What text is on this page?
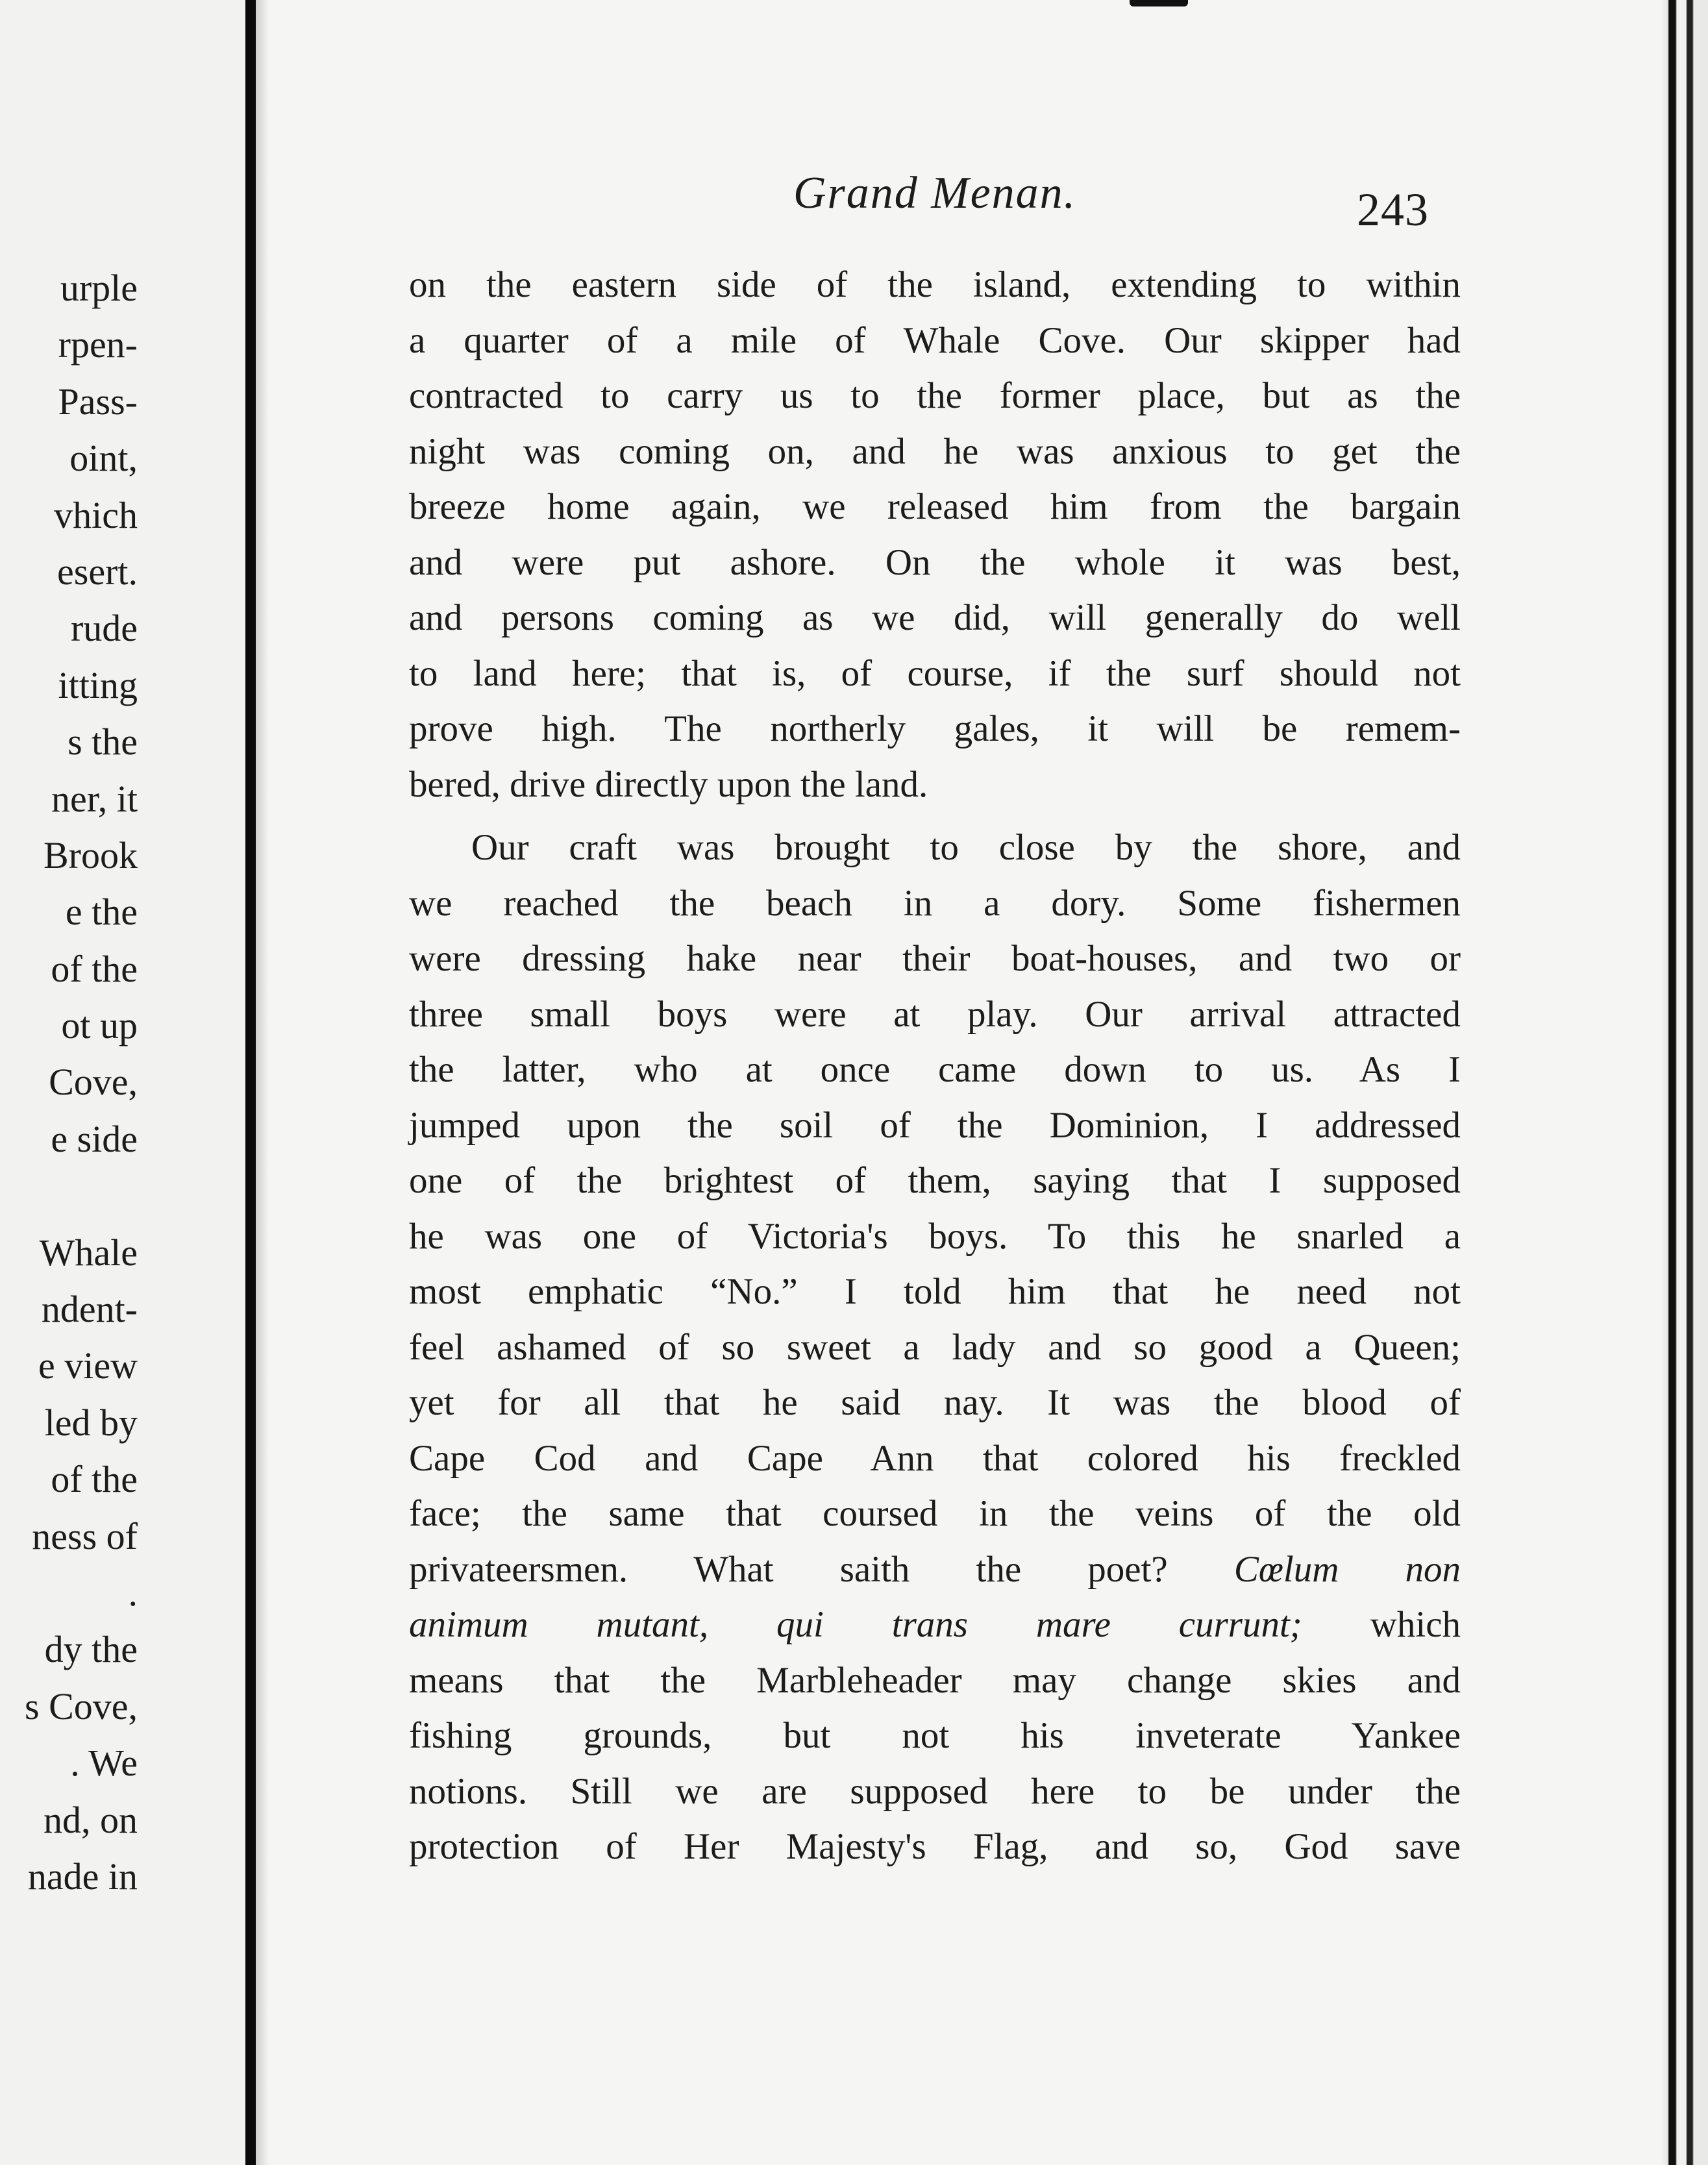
urple
rpen-
Pass-
oint,
vhich
esert.
rude
itting
s the
ner, it
Brook
e the
of the
ot up
Cove,
e side
Whale
ndent-
e view
led by
of the
ness of
.
dy the
s Cove,
. We
nd, on
nade in
Grand Menan.	243
on the eastern side of the island, extending to within
a quarter of a mile of Whale Cove. Our skipper had
contracted to carry us to the former place, but as the
night was coming on, and he was anxious to get the
breeze home again, we released him from the bargain
and were put ashore. On the whole it was best,
and persons coming as we did, will generally do well
to land here; that is, of course, if the surf should not
prove high. The northerly gales, it will be remem-
bered, drive directly upon the land.
Our craft was brought to close by the shore, and
we reached the beach in a dory. Some fishermen
were dressing hake near their boat-houses, and two or
three small boys were at play. Our arrival attracted
the latter, who at once came down to us. As I
jumped upon the soil of the Dominion, I addressed
one of the brightest of them, saying that I supposed
he was one of Victoria's boys. To this he snarled a
most emphatic “No.” I told him that he need not
feel ashamed of so sweet a lady and so good a Queen;
yet for all that he said nay. It was the blood of
Cape Cod and Cape Ann that colored his freckled
face; the same that coursed in the veins of the old
privateersmen. What saith the poet? Cœlum non
animum mutant, qui trans mare currunt; which
means that the Marbleheader may change skies and
fishing grounds, but not his inveterate Yankee
notions. Still we are supposed here to be under the
protection of Her Majesty's Flag, and so, God save
